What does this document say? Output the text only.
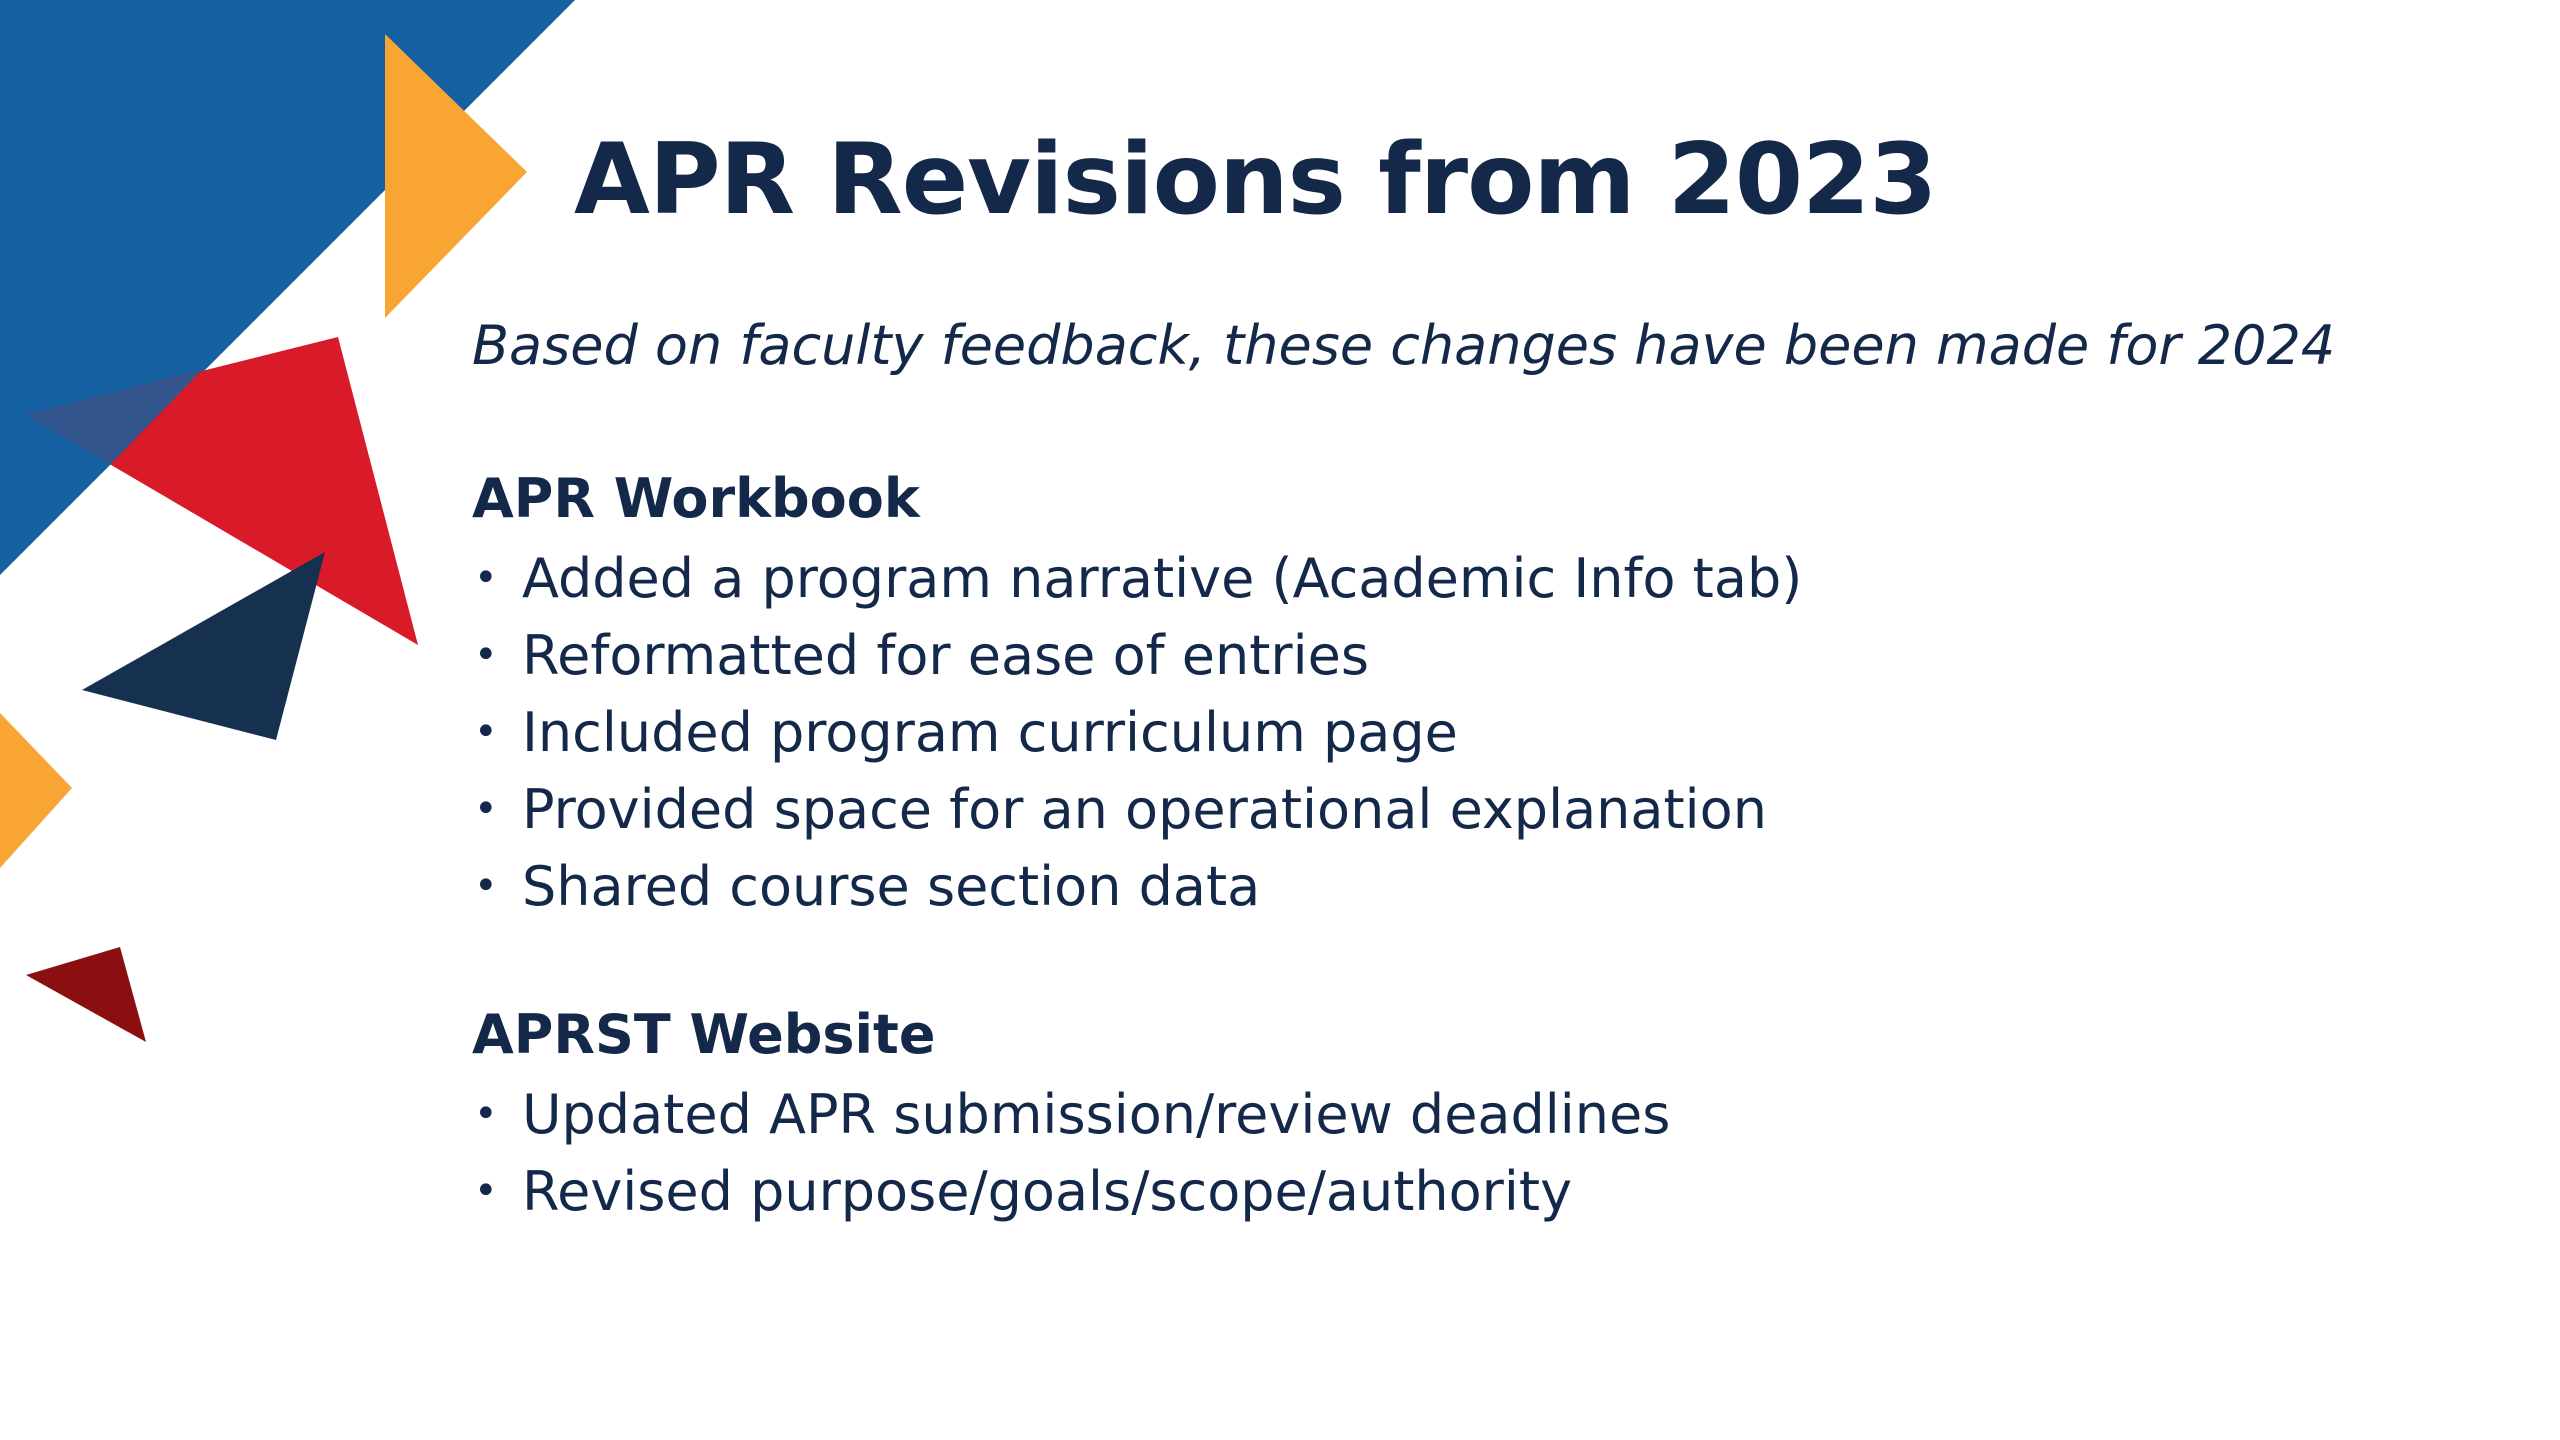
APR Revisions from 2023

Based on faculty feedback, these changes have been made for 2024

APR Workbook
• Added a program narrative (Academic Info tab)
• Reformatted for ease of entries
• Included program curriculum page
• Provided space for an operational explanation
• Shared course section data
APRST Website
• Updated APR submission/review deadlines
• Revised purpose/goals/scope/authority
